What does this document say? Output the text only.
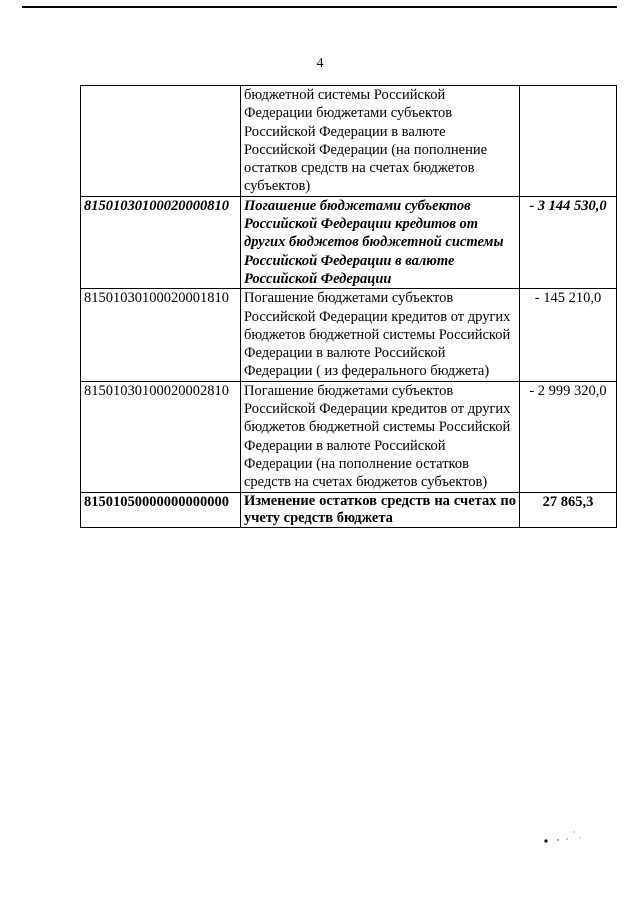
4
	бюджетной системы Российской Федерации бюджетами субъектов Российской Федерации в валюте Российской Федерации (на пополнение остатков средств на счетах бюджетов субъектов)	
81501030100020000810	Погашение бюджетами субъектов Российской Федерации кредитов от других бюджетов бюджетной системы Российской Федерации в валюте Российской Федерации	- 3 144 530,0
81501030100020001810	Погашение бюджетами субъектов Российской Федерации кредитов от других бюджетов бюджетной системы Российской Федерации в валюте Российской Федерации ( из федерального бюджета)	- 145 210,0
81501030100020002810	Погашение бюджетами субъектов Российской Федерации кредитов от других бюджетов бюджетной системы Российской Федерации в валюте Российской Федерации (на пополнение остатков средств на счетах бюджетов субъектов)	- 2 999 320,0
81501050000000000000	Изменение остатков средств на счетах по учету средств бюджета	27 865,3
